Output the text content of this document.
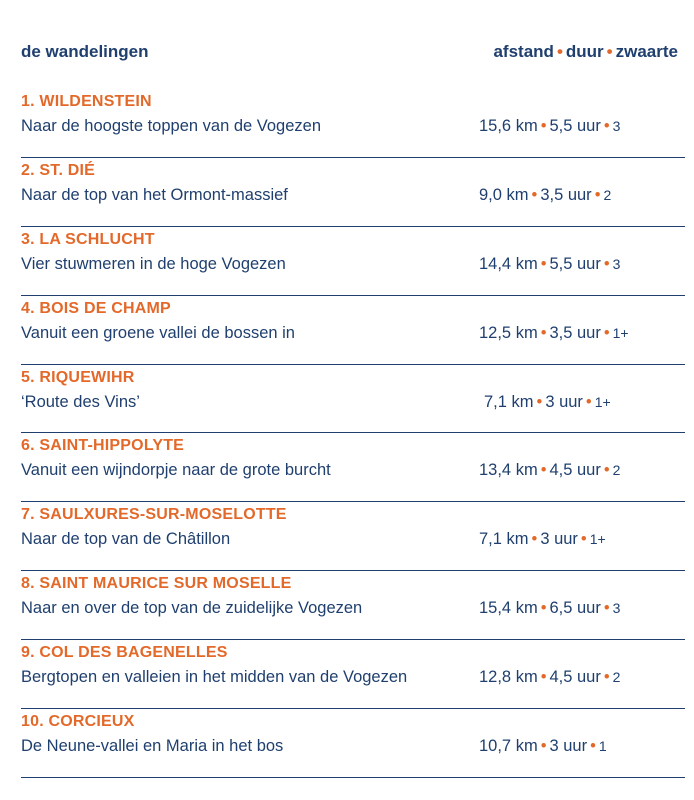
de wandelingen	afstand • duur • zwaarte
1. WILDENSTEIN
Naar de hoogste toppen van de Vogezen	15,6 km • 5,5 uur • 3
2. ST. DIÉ
Naar de top van het Ormont-massief	9,0 km • 3,5 uur • 2
3. LA SCHLUCHT
Vier stuwmeren in de hoge Vogezen	14,4 km • 5,5 uur • 3
4. BOIS DE CHAMP
Vanuit een groene vallei de bossen in	12,5 km • 3,5 uur • 1+
5. RIQUEWIHR
‘Route des Vins’	7,1 km • 3 uur • 1+
6. SAINT-HIPPOLYTE
Vanuit een wijndorpje naar de grote burcht	13,4 km • 4,5 uur • 2
7. SAULXURES-SUR-MOSELOTTE
Naar de top van de Châtillon	7,1 km • 3 uur • 1+
8. SAINT MAURICE SUR MOSELLE
Naar en over de top van de zuidelijke Vogezen	15,4 km • 6,5 uur • 3
9. COL DES BAGENELLES
Bergtopen en valleien in het midden van de Vogezen	12,8 km • 4,5 uur • 2
10. CORCIEUX
De Neune-vallei en Maria in het bos	10,7 km • 3 uur • 1
